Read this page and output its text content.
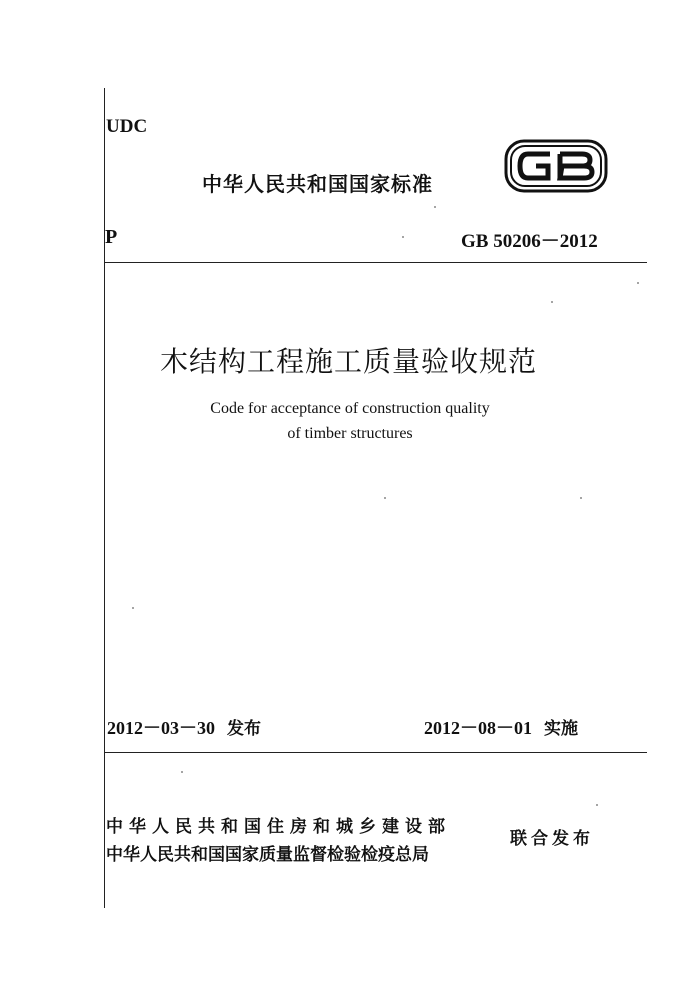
UDC
中华人民共和国国家标准
P	GB 50206－2012
木结构工程施工质量验收规范
Code for acceptance of construction quality
of timber structures
2012－03－30 发布	2012－08－01 实施
中华人民共和国住房和城乡建设部
中华人民共和国国家质量监督检验检疫总局
联合发布
